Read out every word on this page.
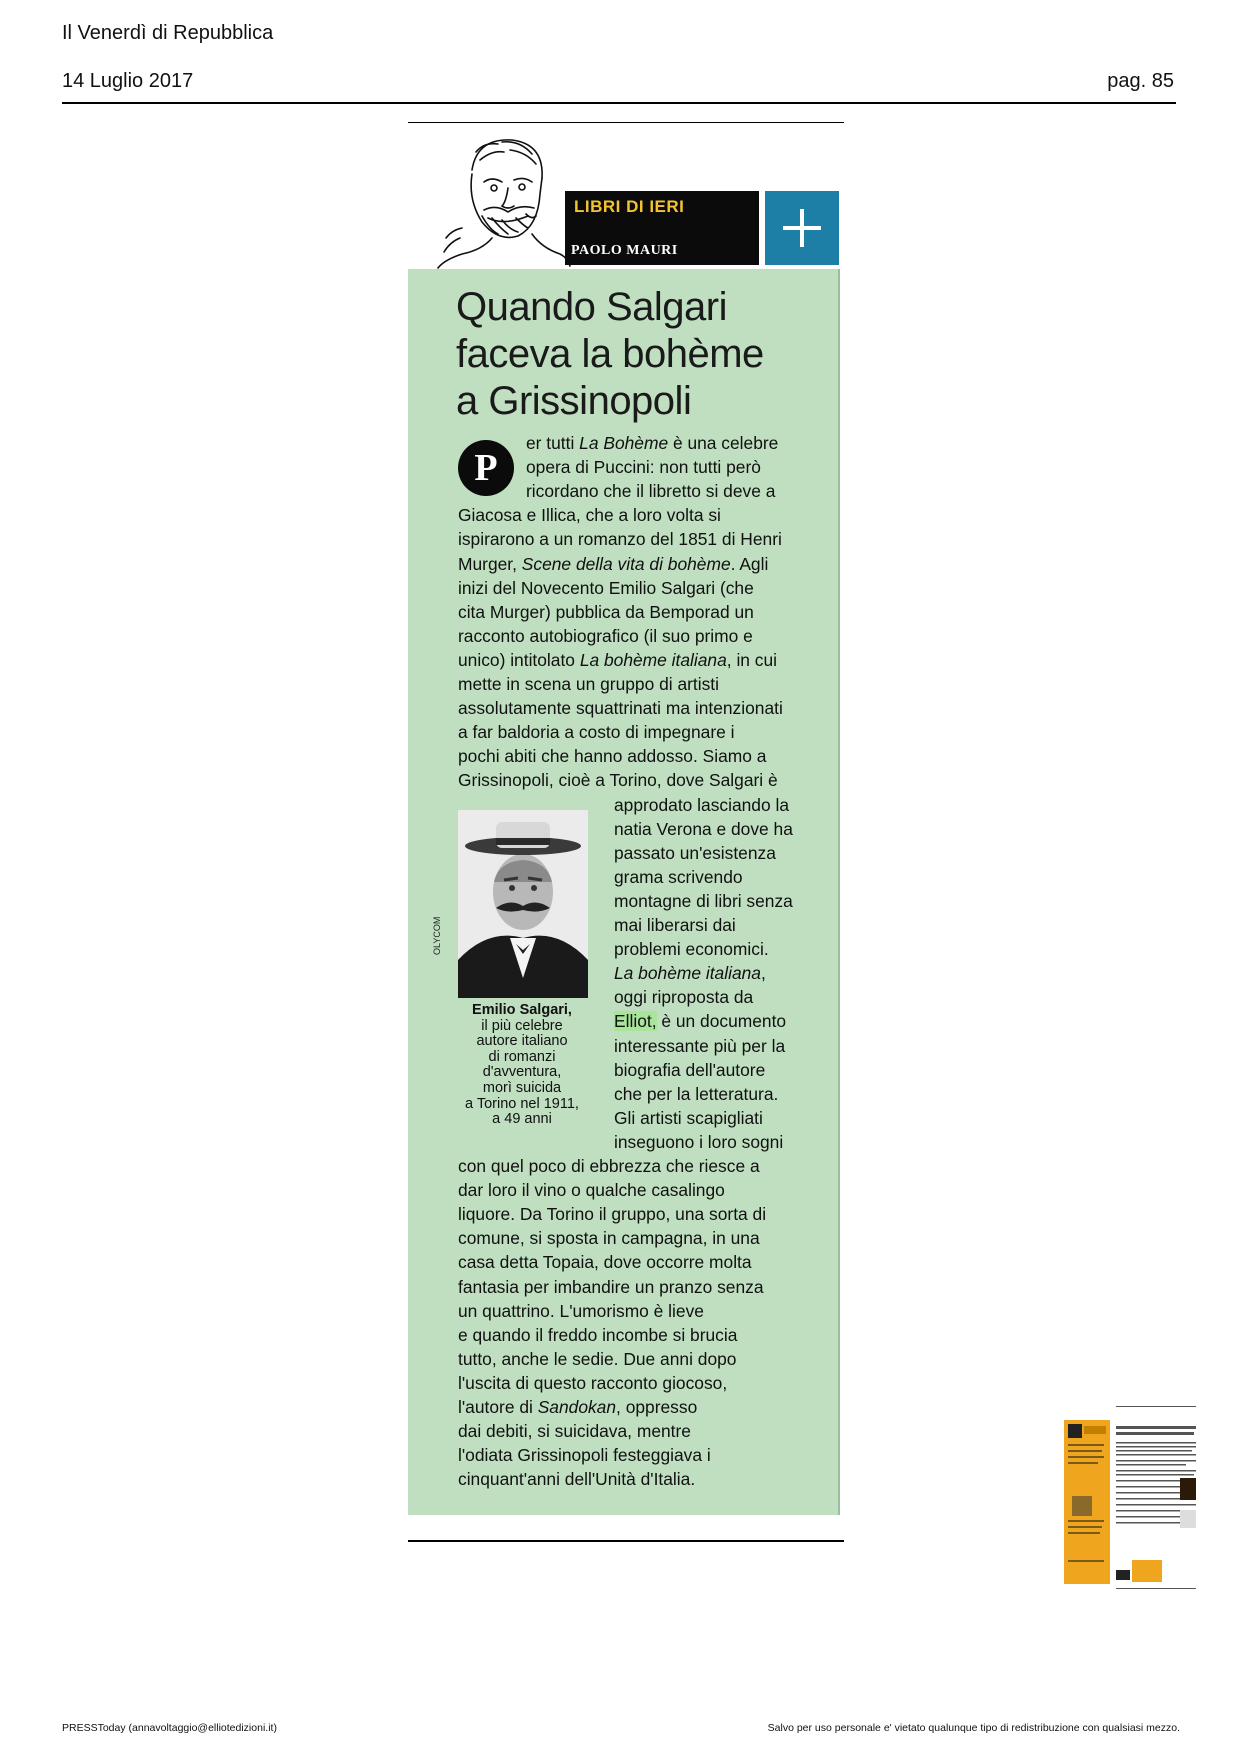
Il Venerdì di Repubblica
14 Luglio 2017	pag. 85
LIBRI DI IERI
PAOLO MAURI
Quando Salgari
faceva la bohème
a Grissinopoli
P
er tutti La Bohème è una celebre
opera di Puccini: non tutti però
ricordano che il libretto si deve a
Giacosa e Illica, che a loro volta si
ispirarono a un romanzo del 1851 di Henri
Murger, Scene della vita di bohème. Agli
inizi del Novecento Emilio Salgari (che
cita Murger) pubblica da Bemporad un
racconto autobiografico (il suo primo e
unico) intitolato La bohème italiana, in cui
mette in scena un gruppo di artisti
assolutamente squattrinati ma intenzionati
a far baldoria a costo di impegnare i
pochi abiti che hanno addosso. Siamo a
Grissinopoli, cioè a Torino, dove Salgari è
approdato lasciando la
natia Verona e dove ha
passato un'esistenza
grama scrivendo
montagne di libri senza
mai liberarsi dai
problemi economici.
La bohème italiana,
oggi riproposta da
Elliot, è un documento
interessante più per la
biografia dell'autore
che per la letteratura.
Gli artisti scapigliati
inseguono i loro sogni
con quel poco di ebbrezza che riesce a
dar loro il vino o qualche casalingo
liquore. Da Torino il gruppo, una sorta di
comune, si sposta in campagna, in una
casa detta Topaia, dove occorre molta
fantasia per imbandire un pranzo senza
un quattrino. L'umorismo è lieve
e quando il freddo incombe si brucia
tutto, anche le sedie. Due anni dopo
l'uscita di questo racconto giocoso,
l'autore di Sandokan, oppresso
dai debiti, si suicidava, mentre
l'odiata Grissinopoli festeggiava i
cinquant'anni dell'Unità d'Italia.
OLYCOM
Emilio Salgari,
il più celebre
autore italiano
di romanzi
d'avventura,
morì suicida
a Torino nel 1911,
a 49 anni
PRESSToday (annavoltaggio@elliotedizioni.it)	Salvo per uso personale e' vietato qualunque tipo di redistribuzione con qualsiasi mezzo.
